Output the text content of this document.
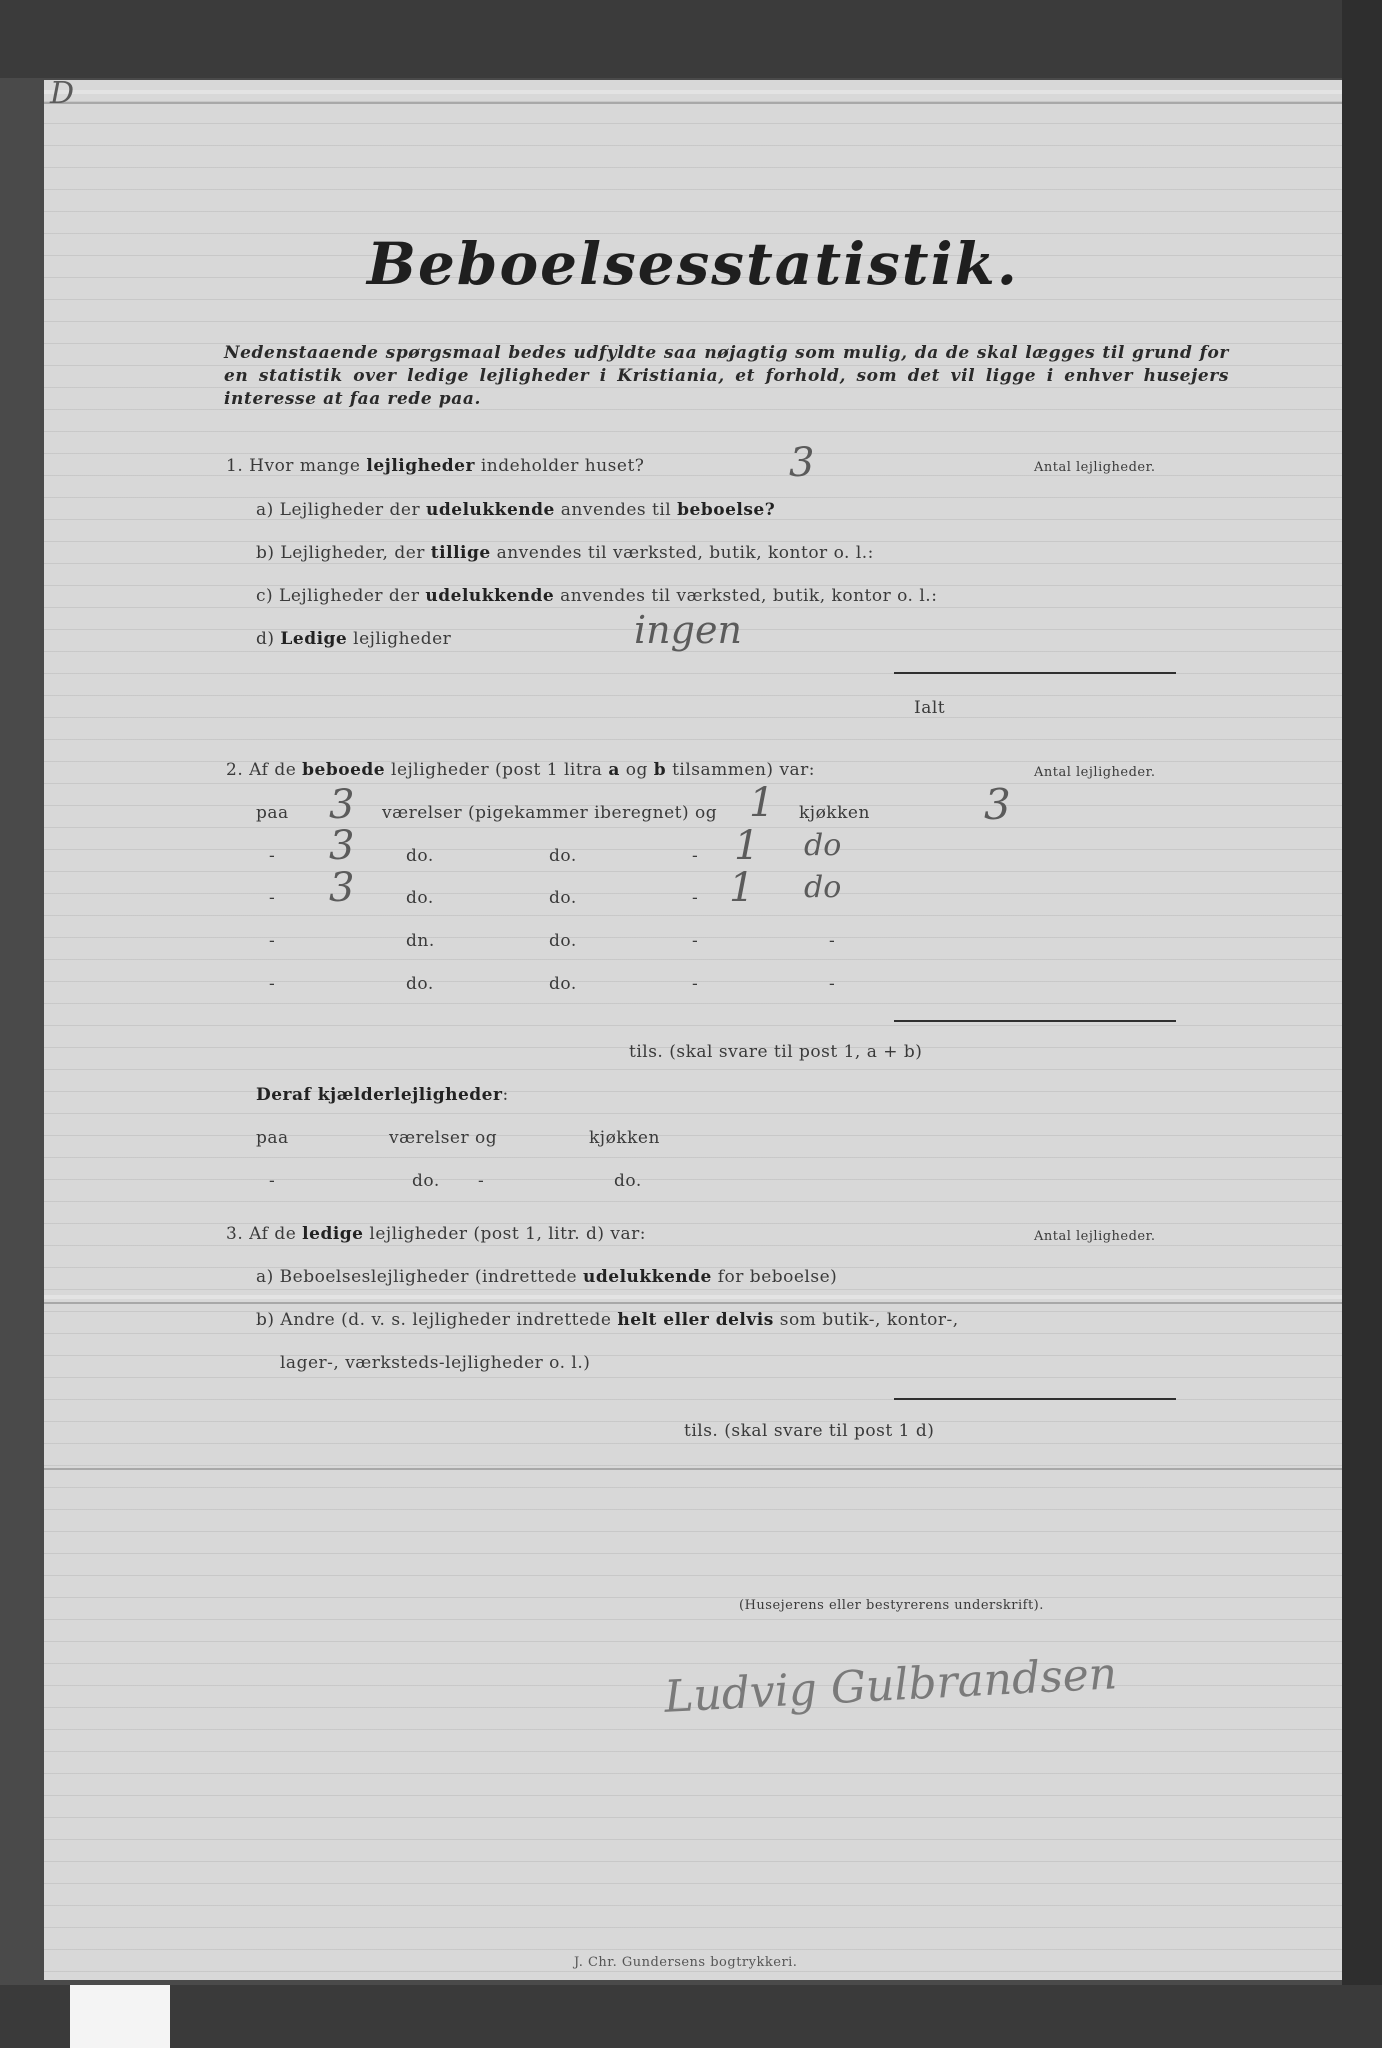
D
Beboelsesstatistik.
Nedenstaaende spørgsmaal bedes udfyldte saa nøjagtig som mulig, da de skal lægges til grund for en statistik over ledige lejligheder i Kristiania, et forhold, som det vil ligge i enhver husejers interesse at faa rede paa.
1. Hvor mange lejligheder indeholder huset?	3	Antal lejligheder.
a) Lejligheder der udelukkende anvendes til beboelse?
b) Lejligheder, der tillige anvendes til værksted, butik, kontor o. l.:
c) Lejligheder der udelukkende anvendes til værksted, butik, kontor o. l.:
d) Ledige lejligheder	ingen
Ialt
2. Af de beboede lejligheder (post 1 litra a og b tilsammen) var:	Antal lejligheder.
paa 3 værelser (pigekammer iberegnet) og 1 kjøkken	3
- 3	do.	do.	- 1 do
- 3	do.	do.	- 1 do
-	dn.	do.	-	-
-	do.	do.	-	-
tils. (skal svare til post 1, a + b)
Deraf kjælderlejligheder:
paa	værelser og	kjøkken
-	do. -	do.
3. Af de ledige lejligheder (post 1, litr. d) var:	Antal lejligheder.
a) Beboelseslejligheder (indrettede udelukkende for beboelse)
b) Andre (d. v. s. lejligheder indrettede helt eller delvis som butik-, kontor-,
lager-, værksteds-lejligheder o. l.)
tils. (skal svare til post 1 d)
(Husejerens eller bestyrerens underskrift).
Ludvig Gulbrandsen
J. Chr. Gundersens bogtrykkeri.
